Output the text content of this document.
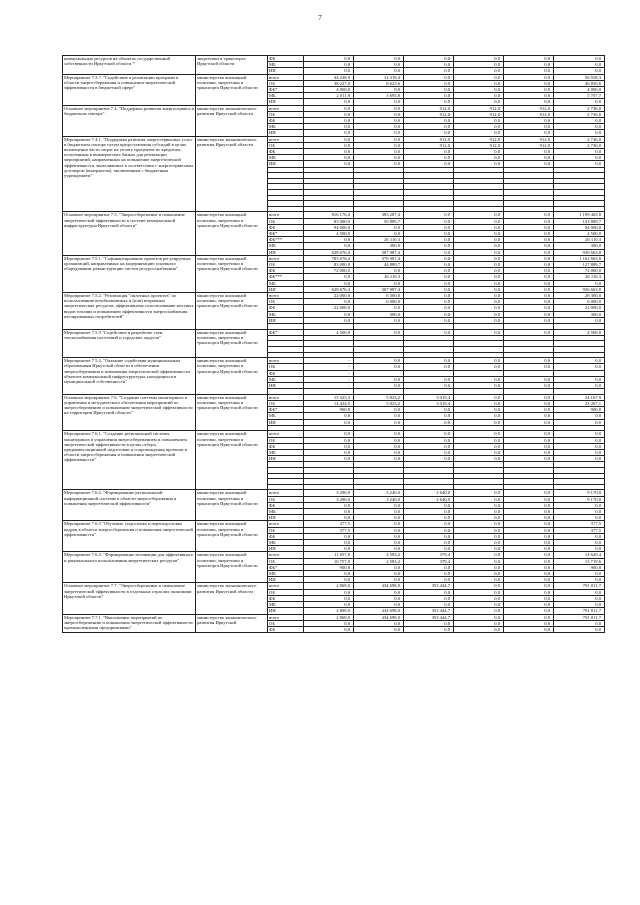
7
коммунальных ресурсов на объектах государственной собственности Иркутской области *	энергетики и транспорта Иркутской области	ФБ	0,0	0,0	0,0	0,0	0,0	0,0
		МБ	0,0	0,0	0,0	0,0	0,0	0,0
		ИИ	0,0	0,0	0,0	0,0	0,0	0,0
Мероприятие 7.3.7. "Содействие в реализации программ в области энергосбережения и повышения энергетической эффективности в бюджетной сфере"	министерство жилищной политики, энергетики и транспорта Иркутской области	всего	44 238,9	12 319,4	0,0	0,0	0,0	56 558,3
		ОБ	38 227,0	8 623,6	0,0	0,0	0,0	46 850,6
		ФБ*	4 000,0	0,0	0,0	0,0	0,0	4 000,0
		МБ	2 011,9	3 695,8	0,0	0,0	0,0	5 707,7
		ИИ	0,0	0,0	0,0	0,0	0,0	0,0
Основное мероприятие 7.4. "Поддержка развития энергосервиса в бюджетном секторе"	министерство экономического развития Иркутской области	всего	0,0	0,0	912,0	912,0	912,0	2 736,0
		ОБ	0,0	0,0	912,0	912,0	912,0	2 736,0
		ФБ	0,0	0,0	0,0	0,0	0,0	0,0
		МБ	0,0	0,0	0,0	0,0	0,0	0,0
		ИИ	0,0	0,0	0,0	0,0	0,0	0,0
Мероприятие 7.4.1. "Поддержка развития энергосервисных услуг в бюджетном секторе путем предоставления субсидий в целях возмещения части затрат на уплату процентов по кредитам, полученным в коммерческих банках для реализации мероприятий, направленных на повышение энергетической эффективности, выполняемых в соответствии с энергосервисным договором (контрактом), заключенным с бюджетным учреждением"	министерство экономического развития Иркутской области	всего	0,0	0,0	912,0	912,0	912,0	2 736,0
		ОБ	0,0	0,0	912,0	912,0	912,0	2 736,0
		ФБ	0,0	0,0	0,0	0,0	0,0	0,0
		МБ	0,0	0,0	0,0	0,0	0,0	0,0
		ИИ	0,0	0,0	0,0	0,0	0,0	0,0

Основное мероприятие 7.5. "Энергосбережение и повышение энергетической эффективности в системе коммунальной инфраструктуры Иркутской области"	министерство жилищной политики, энергетики и транспорта Иркутской области	всего	816 176,4	383 287,4	0,0	0,0	0,0	1 199 463,8
		ОБ	83 000,0	50 889,7	0,0	0,0	0,0	133 889,7
		ФБ	94 000,0	0,0	0,0	0,0	0,0	94 000,0
		ФБ*	4 500,0	0,0	0,0	0,0	0,0	4 500,0
		ФБ***	0,0	26 110,3	0,0	0,0	0,0	26 110,3
		МБ	0,0	300,0	0,0	0,0	0,0	300,0
		ИИ	628 676,4	307 987,4	0,0	0,0	0,0	936 663,8
Мероприятие 7.5.1. "Софинансирование проектов регулируемых организаций, направленных на модернизацию основного оборудования, реконструкцию систем ресурсоснабжения"	министерство жилищной политики, энергетики и транспорта Иркутской области	всего	783 676,4	378 987,4	0,0	0,0	0,0	1 162 663,8
		ОБ	83 000,0	44 889,7	0,0	0,0	0,0	127 889,7
		ФБ	72 000,0	0,0	0,0	0,0	0,0	72 000,0
		ФБ***	0,0	26 110,3	0,0	0,0	0,0	26 110,3
		МБ	0,0	0,0	0,0	0,0	0,0	0,0
		ИИ	628 676,4	307 987,4	0,0	0,0	0,0	936 663,8
Мероприятие 7.5.2. "Реализация "пилотных проектов" по использованию возобновляемых и (или) вторичных энергетических ресурсов, эффективному использованию местных видов топлива и повышению эффективности энергоснабжения изолированных потребителей"	министерство жилищной политики, энергетики и транспорта Иркутской области	всего	22 000,0	6 300,0	0,0	0,0	0,0	28 300,0
		ОБ	0,0	6 000,0	0,0	0,0	0,0	6 000,0
		ФБ	22 000,0	0,0	0,0	0,0	0,0	22 000,0
		МБ	0,0	300,0	0,0	0,0	0,0	300,0
		ИИ	0,0	0,0	0,0	0,0	0,0	0,0

Мероприятие 7.5.3 "Содействие в разработке схем теплоснабжения поселений и городских округов"	министерство жилищной политики, энергетики и транспорта Иркутской области	ФБ*	4 500,0	0,0	0,0	0,0	0,0	4 500,0

Мероприятие 7.5.4. "Оказание содействия муниципальным образованиям Иркутской области в обеспечении энергосбережения и повышения энергетической эффективности объектов коммунальной инфраструктуры, находящихся в муниципальной собственности"	министерство жилищной политики, энергетики и транспорта Иркутской области	всего	-	0,0	0,0	0,0	0,0	0,0
		ОБ	-	0,0	0,0	0,0	0,0	0,0
		ФБ	-					
		МБ	-	0,0	0,0	0,0	0,0	0,0
		ИИ	-	0,0	0,0	0,0	0,0	0,0

Основное мероприятие 7.6. "Создание системы мониторинга и управления и методического обеспечения мероприятий по энергосбережению и повышению энергетической эффективности на территории Иркутской области"	министерство жилищной политики, энергетики и транспорта Иркутской области	всего	15 325,3	5 823,2	3 019,4	0,0	0,0	24 167,9
		ОБ	14 424,5	5 823,2	3 019,4	0,0	0,0	23 267,1
		ФБ*	900,8	0,0	0,0	0,0	0,0	900,8
		МБ	0,0	0,0	0,0	0,0	0,0	0,0
		ИИ	0,0	0,0	0,0	0,0	0,0	0,0

Мероприятие 7.6.1. "Создание региональной системы мониторинга и управления энергосбережением и повышением энергетической эффективности в целях отбора, предынвестиционной подготовки и сопровождения проектов в области энергосбережения и повышения энергетической эффективности"	министерство жилищной политики, энергетики и транспорта Иркутской области	всего	0,0	0,0	0,0	0,0	0,0	0,0
		ОБ	0,0	0,0	0,0	0,0	0,0	0,0
		ФБ	0,0	0,0	0,0	0,0	0,0	0,0
		МБ	0,0	0,0	0,0	0,0	0,0	0,0
		ИИ	0,0	0,0	0,0	0,0	0,0	0,0

Мероприятие 7.6.2. "Формирование региональной информационной системы в области энергосбережения и повышения энергетической эффективности"	министерство жилищной политики, энергетики и транспорта Иркутской области	всего	3 290,0	3 240,0	2 640,0	0,0	0,0	9 170,0
		ОБ	3 290,0	3 240,0	2 640,0	0,0	0,0	9 170,0
		ФБ	0,0	0,0	0,0	0,0	0,0	0,0
		МБ	0,0	0,0	0,0	0,0	0,0	0,0
		ИИ	0,0	0,0	0,0	0,0	0,0	0,0
Мероприятие 7.6.3 "Обучение, подготовка и переподготовка кадров в области энергосбережения и повышения энергетической эффективности"	министерство жилищной политики, энергетики и транспорта Иркутской области	всего	377,5	0,0	0,0	0,0	0,0	377,5
		ОБ	377,5	0,0	0,0	0,0	0,0	377,5
		ФБ	0,0	0,0	0,0	0,0	0,0	0,0
		МБ	0,0	0,0	0,0	0,0	0,0	0,0
		ИИ	0,0	0,0	0,0	0,0	0,0	0,0
Мероприятие 7.6.4. "Формирование мотивации для эффективного и рационального использования энергетических ресурсов"	министерство жилищной политики, энергетики и транспорта Иркутской области	всего	11 657,8	2 583,2	379,4	0,0	0,0	14 620,4
		ОБ	10 757,0	2 583,2	379,4	0,0	0,0	13 719,6
		ФБ*	900,8	0,0	0,0	0,0	0,0	900,8
		МБ	0,0	0,0	0,0	0,0	0,0	0,0
		ИИ	0,0	0,0	0,0	0,0	0,0	0,0
Основное мероприятие 7.7. "Энергосбережение и повышение энергетической эффективности в отдельных отраслях экономики Иркутской области"	министерство экономического развития Иркутской области	всего	2 869,0	434 698,0	353 444,7	0,0	0,0	791 011,7
		ОБ	0,0	0,0	0,0	0,0	0,0	0,0
		ФБ	0,0	0,0	0,0	0,0	0,0	0,0
		МБ	0,0	0,0	0,0	0,0	0,0	0,0
		ИИ	2 869,0	434 698,0	353 444,7	0,0	0,0	791 011,7
Мероприятие 7.7.1. "Выполнение мероприятий по энергосбережению и повышению энергетической эффективности промышленными предприятиями"	министерство экономического развития Иркутской	всего	2 869,0	434 698,0	353 444,7	0,0	0,0	791 011,7
		ОБ	0,0	0,0	0,0	0,0	0,0	0,0
		ФБ	0,0	0,0	0,0	0,0	0,0	0,0
